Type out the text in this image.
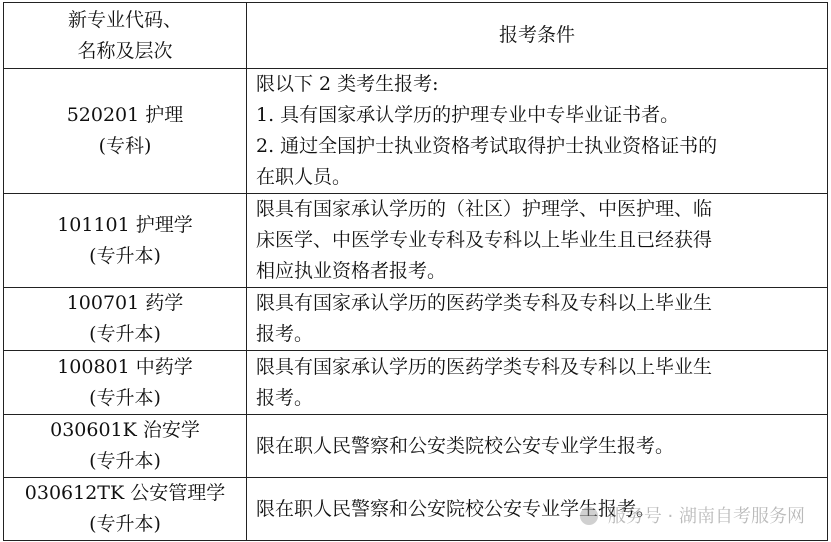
新专业代码、
名称及层次	报考条件

520201 护理
(专科)	限以下 2 类考生报考:
1. 具有国家承认学历的护理专业中专毕业证书者。
2. 通过全国护士执业资格考试取得护士执业资格证书的
在职人员。

101101 护理学
(专升本)	限具有国家承认学历的（社区）护理学、中医护理、临
床医学、中医学专业专科及专科以上毕业生且已经获得
相应执业资格者报考。

100701 药学
(专升本)	限具有国家承认学历的医药学类专科及专科以上毕业生
报考。

100801 中药学
(专升本)	限具有国家承认学历的医药学类专科及专科以上毕业生
报考。

030601K 治安学
(专升本)	限在职人民警察和公安类院校公安专业学生报考。

030612TK 公安管理学
(专升本)	限在职人民警察和公安院校公安专业学生报考。
服务号 · 湖南自考服务网
